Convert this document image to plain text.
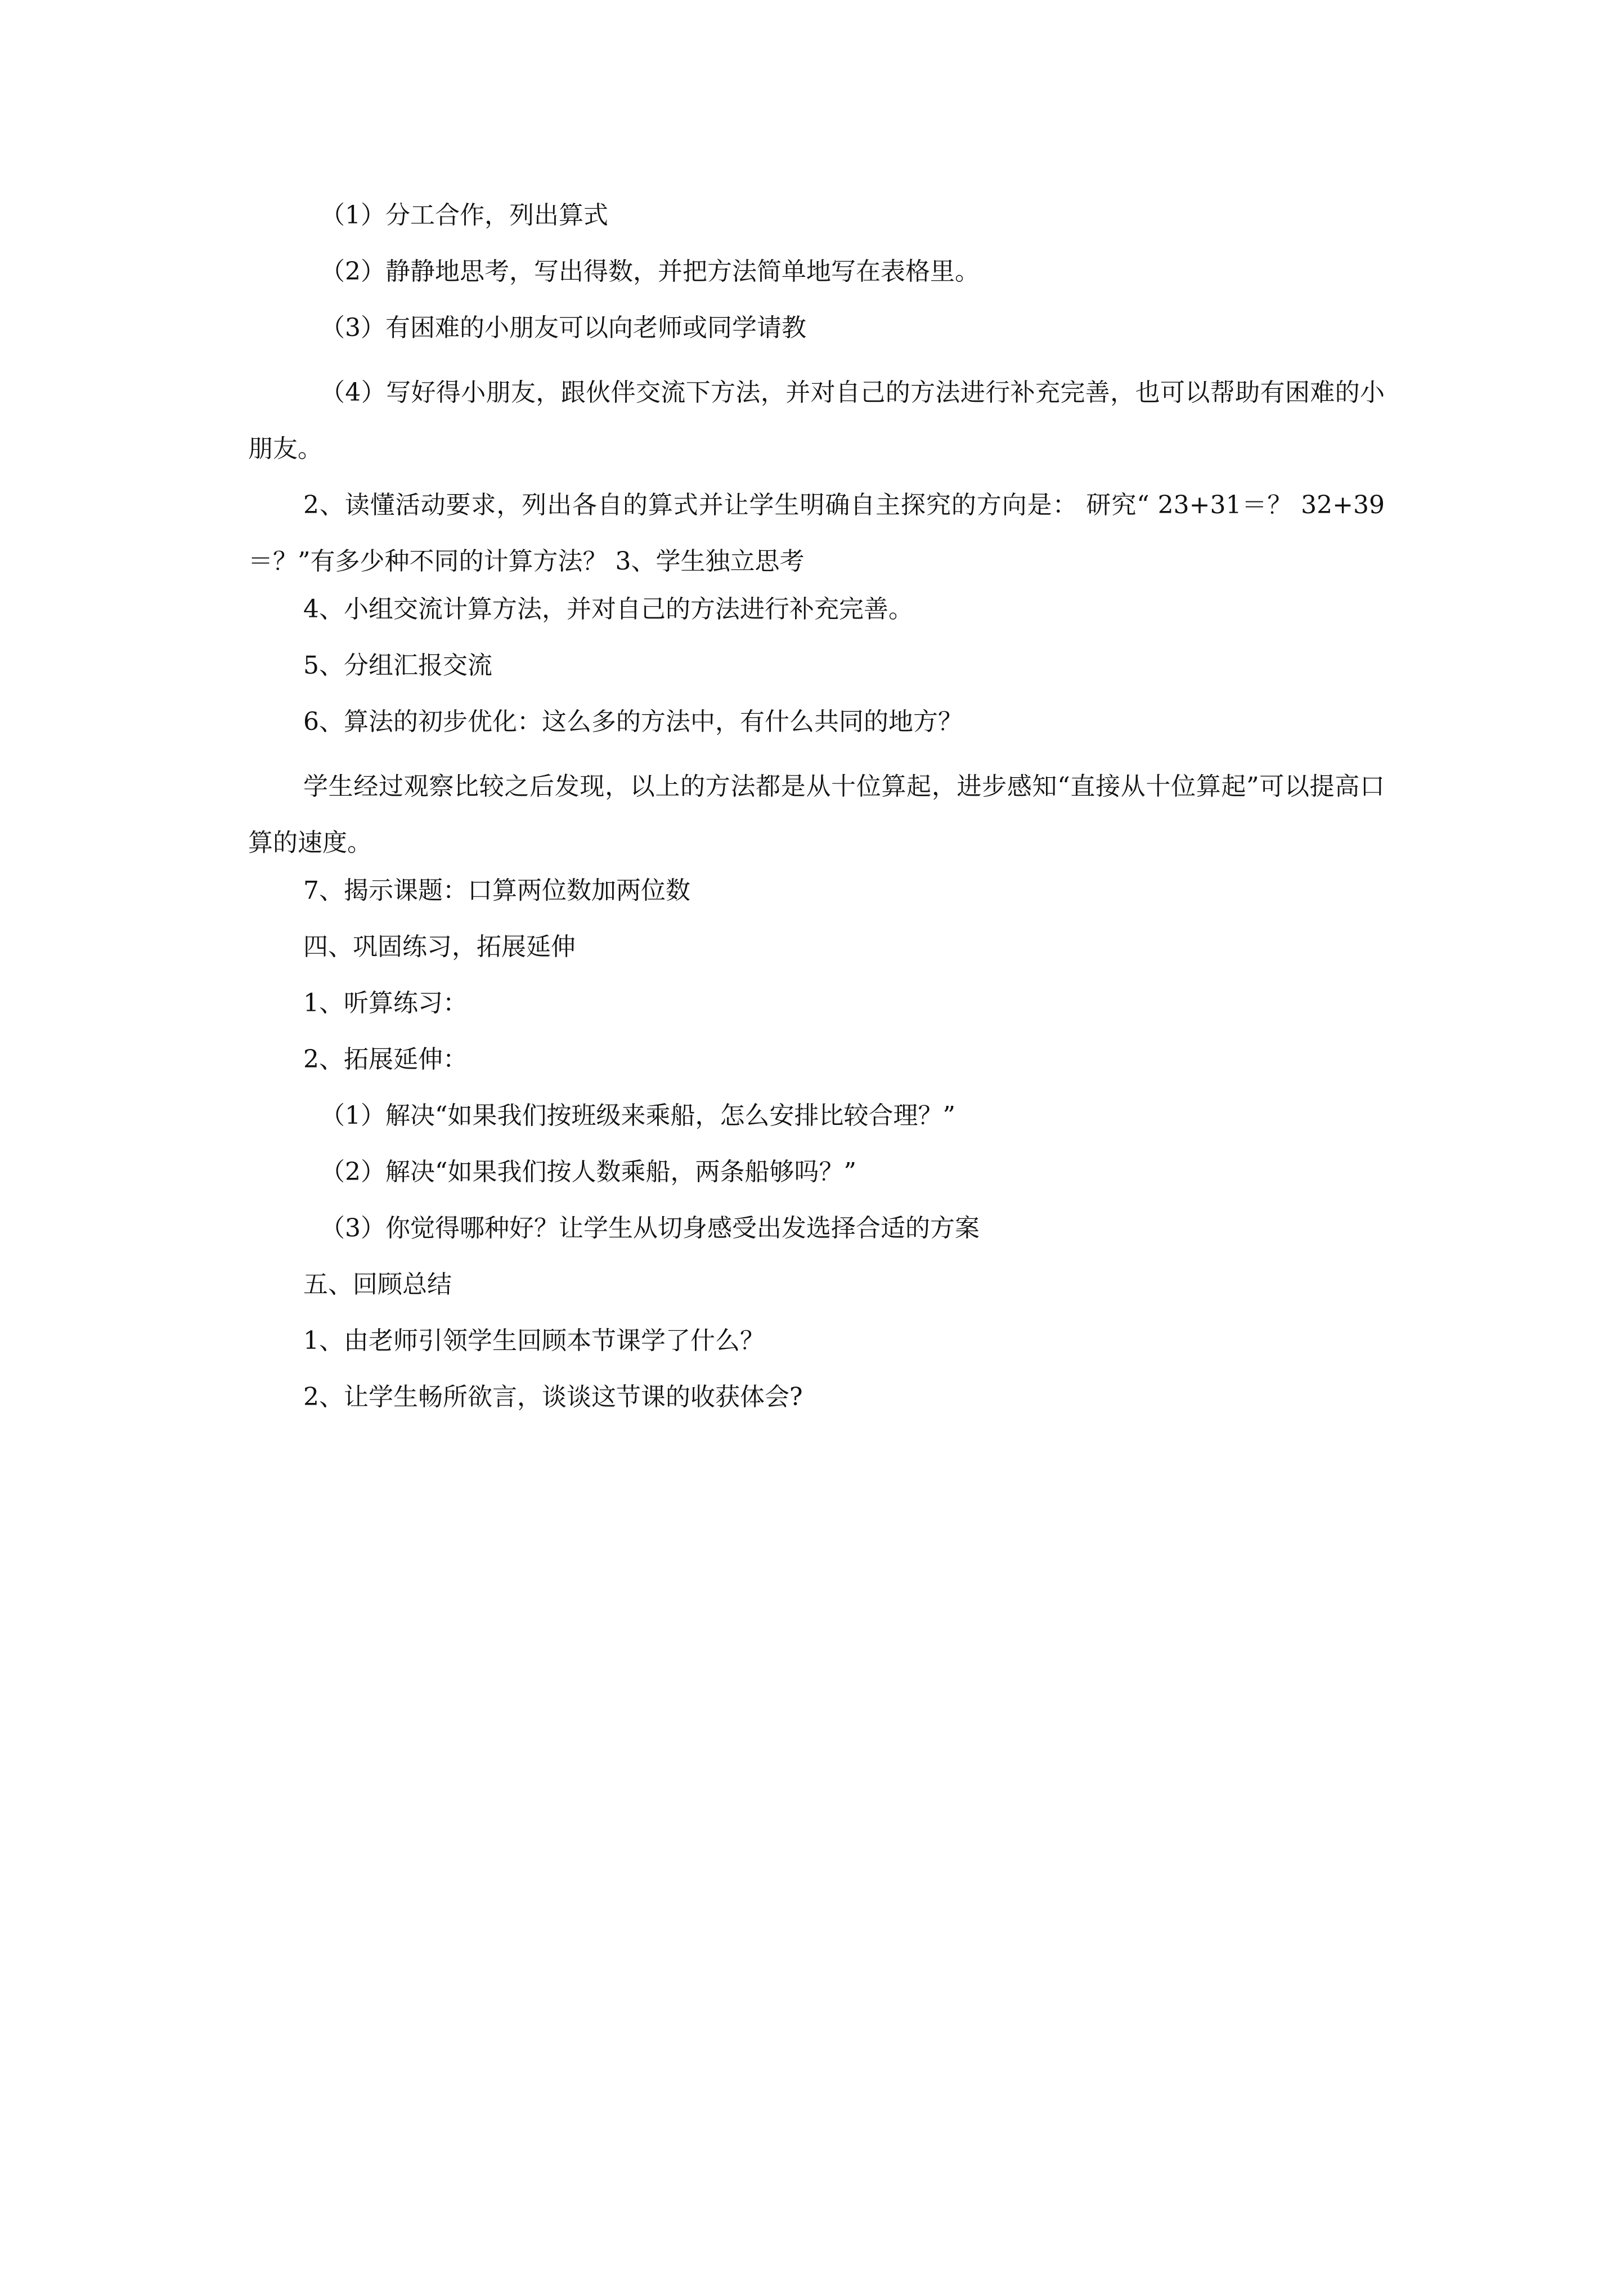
（1）分工合作，列出算式
（2）静静地思考，写出得数，并把方法简单地写在表格里。
（3）有困难的小朋友可以向老师或同学请教
（4）写好得小朋友，跟伙伴交流下方法，并对自己的方法进行补充完善，也可以帮助有困难的小朋友。
2、读懂活动要求，列出各自的算式并让学生明确自主探究的方向是： 研究“ 23+31＝？ 32+39＝？”有多少种不同的计算方法？ 3、学生独立思考
4、小组交流计算方法，并对自己的方法进行补充完善。
5、分组汇报交流
6、算法的初步优化：这么多的方法中，有什么共同的地方？
学生经过观察比较之后发现，以上的方法都是从十位算起，进步感知“直接从十位算起”可以提高口算的速度。
7、揭示课题：口算两位数加两位数
四、巩固练习，拓展延伸
1、听算练习：
2、拓展延伸：
（1）解决“如果我们按班级来乘船，怎么安排比较合理？”
（2）解决“如果我们按人数乘船，两条船够吗？”
（3）你觉得哪种好？让学生从切身感受出发选择合适的方案
五、回顾总结
1、由老师引领学生回顾本节课学了什么？
2、让学生畅所欲言，谈谈这节课的收获体会?
